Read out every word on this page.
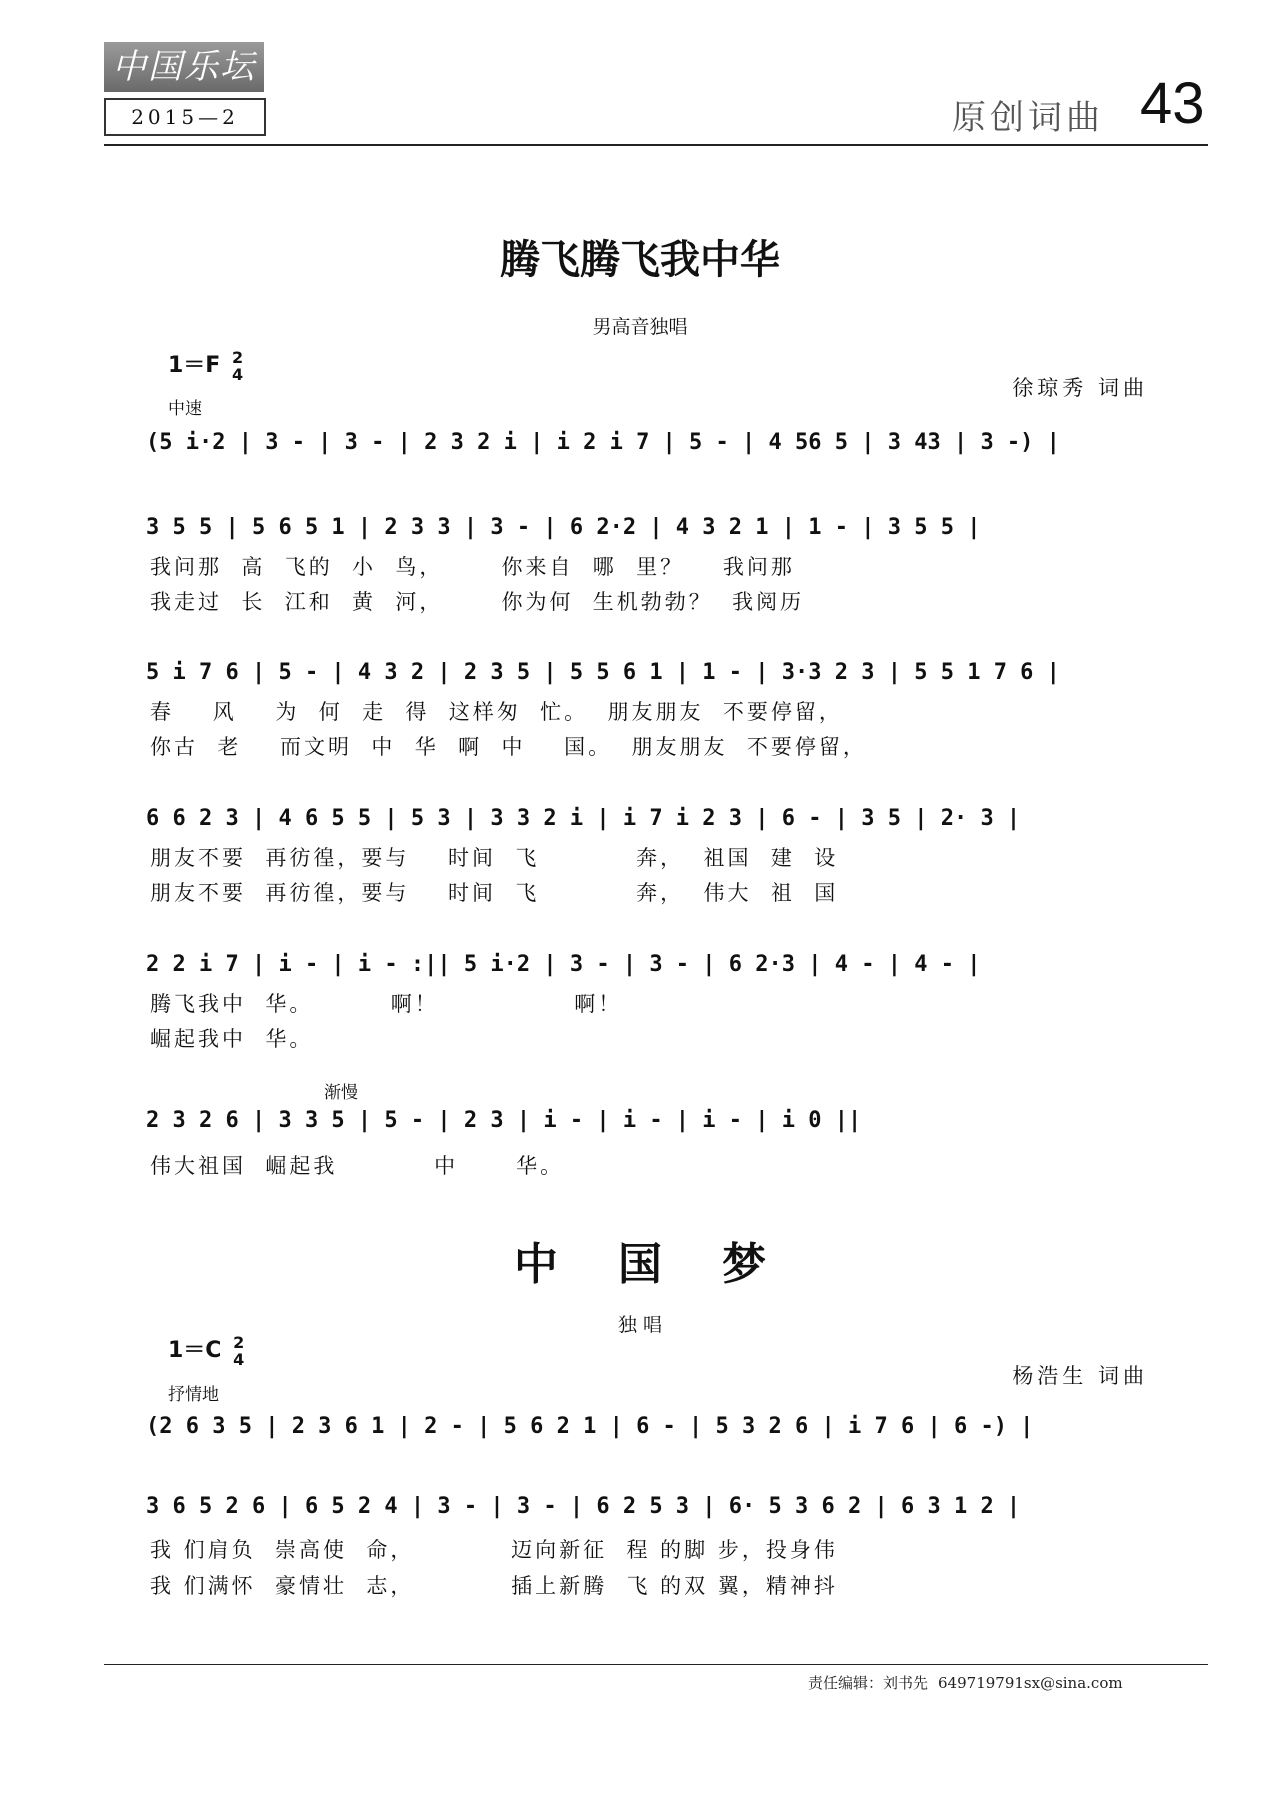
中国乐坛
2015—2	原创词曲 43
腾飞腾飞我中华
男高音独唱
1＝F 2
4
中速
徐琼秀 词曲
(5 i·2 | 3 - | 3 - | 2 3 2 i | i 2 i 7 | 5 - | 4 56 5 | 3 43 | 3 -) |
3 5 5 | 5 6 5 1 | 2 3 3 | 3 - | 6 2·2 | 4 3 2 1 | 1 - | 3 5 5 |
我问那  高  飞的  小  鸟，      你来自  哪  里？    我问那
我走过  长  江和  黄  河，      你为何  生机勃勃？  我阅历
5 i 7 6 | 5 - | 4 3 2 | 2 3 5 | 5 5 6 1 | 1 - | 3·3 2 3 | 5 5 1 7 6 |
春    风    为  何  走  得  这样匆  忙。  朋友朋友  不要停留，
你古  老    而文明  中  华  啊  中    国。  朋友朋友  不要停留，
6 6 2 3 | 4 6 5 5 | 5 3 | 3 3 2 i | i 7 i 2 3 | 6 - | 3 5 | 2· 3 |
朋友不要  再彷徨，要与    时间  飞          奔，  祖国  建  设
朋友不要  再彷徨，要与    时间  飞          奔，  伟大  祖  国
2 2 i 7 | i - | i - :|| 5 i·2 | 3 - | 3 - | 6 2·3 | 4 - | 4 - |
腾飞我中  华。        啊！              啊！
崛起我中  华。
渐慢
2 3 2 6 | 3 3 5 | 5 - | 2 3 | i - | i - | i - | i 0 ||
伟大祖国  崛起我          中      华。
中国梦
独 唱
1＝C 2
4
抒情地
杨浩生 词曲
(2 6 3 5 | 2 3 6 1 | 2 - | 5 6 2 1 | 6 - | 5 3 2 6 | i 7 6 | 6 -) |
3 6 5 2 6 | 6 5 2 4 | 3 - | 3 - | 6 2 5 3 | 6· 5 3 6 2 | 6 3 1 2 |
我 们肩负  崇高使  命，          迈向新征  程 的脚 步，投身伟
我 们满怀  豪情壮  志，          插上新腾  飞 的双 翼，精神抖
责任编辑：刘书先 649719791sx@sina.com
